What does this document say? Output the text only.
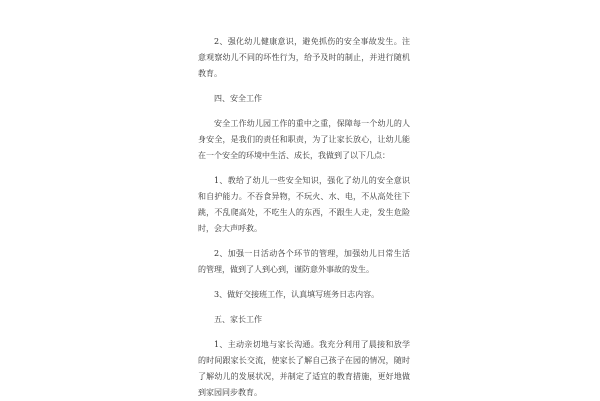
2、强化幼儿健康意识，避免抓伤的安全事故发生。注意观察幼儿不同的坏性行为，给予及时的制止，并进行随机教育。

四、安全工作

安全工作幼儿园工作的重中之重，保障每一个幼儿的人身安全，是我们的责任和职责，为了让家长放心，让幼儿能在一个安全的环境中生活、成长，我做到了以下几点：

1、教给了幼儿一些安全知识，强化了幼儿的安全意识和自护能力。不吞食异物，不玩火、水、电，不从高处往下跳，不乱爬高处，不吃生人的东西，不跟生人走，发生危险时，会大声呼救。

2、加强一日活动各个环节的管理，加强幼儿日常生活的管理，做到了人到心到，谨防意外事故的发生。

3、做好交接班工作，认真填写班务日志内容。

五、家长工作

1、主动亲切地与家长沟通。我充分利用了晨接和放学的时间跟家长交流，使家长了解自己孩子在园的情况，随时了解幼儿的发展状况，并制定了适宜的教育措施，更好地做到家园同步教育。
